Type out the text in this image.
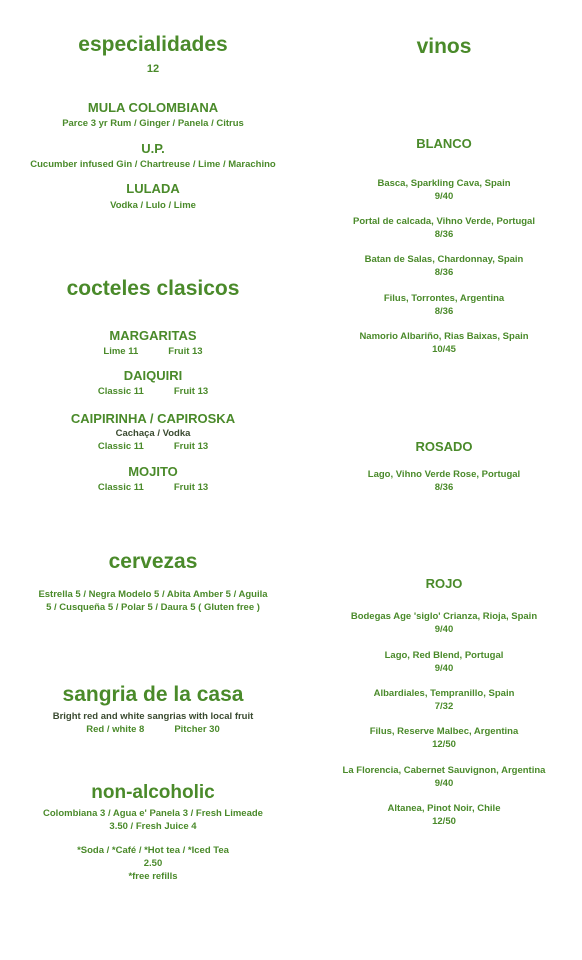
especialidades
12
MULA COLOMBIANA
Parce 3 yr Rum / Ginger / Panela / Citrus
U.P.
Cucumber infused Gin / Chartreuse / Lime / Marachino
LULADA
Vodka / Lulo / Lime
cocteles clasicos
MARGARITAS
Lime 11	Fruit 13
DAIQUIRI
Classic 11	Fruit 13
CAIPIRINHA / CAPIROSKA
Cachaça / Vodka
Classic 11	Fruit 13
MOJITO
Classic 11	Fruit 13
cervezas
Estrella 5 / Negra Modelo 5 / Abita Amber 5 / Aguila
5 / Cusqueña 5 / Polar 5 / Daura 5 ( Gluten free )
sangria de la casa
Bright red and white sangrias with local fruit
Red / white 8	Pitcher 30
non-alcoholic
Colombiana 3 / Agua e' Panela 3 / Fresh Limeade
3.50 / Fresh Juice 4
*Soda / *Café / *Hot tea / *Iced Tea
2.50
*free refills
vinos
BLANCO
Basca, Sparkling Cava, Spain
9/40
Portal de calcada, Vihno Verde, Portugal
8/36
Batan de Salas, Chardonnay, Spain
8/36
Filus, Torrontes, Argentina
8/36
Namorio Albariño, Rias Baixas, Spain
10/45
ROSADO
Lago, Vihno Verde Rose, Portugal
8/36
ROJO
Bodegas Age 'siglo' Crianza, Rioja, Spain
9/40
Lago, Red Blend, Portugal
9/40
Albardiales, Tempranillo, Spain
7/32
Filus, Reserve Malbec, Argentina
12/50
La Florencia, Cabernet Sauvignon, Argentina
9/40
Altanea, Pinot Noir, Chile
12/50
